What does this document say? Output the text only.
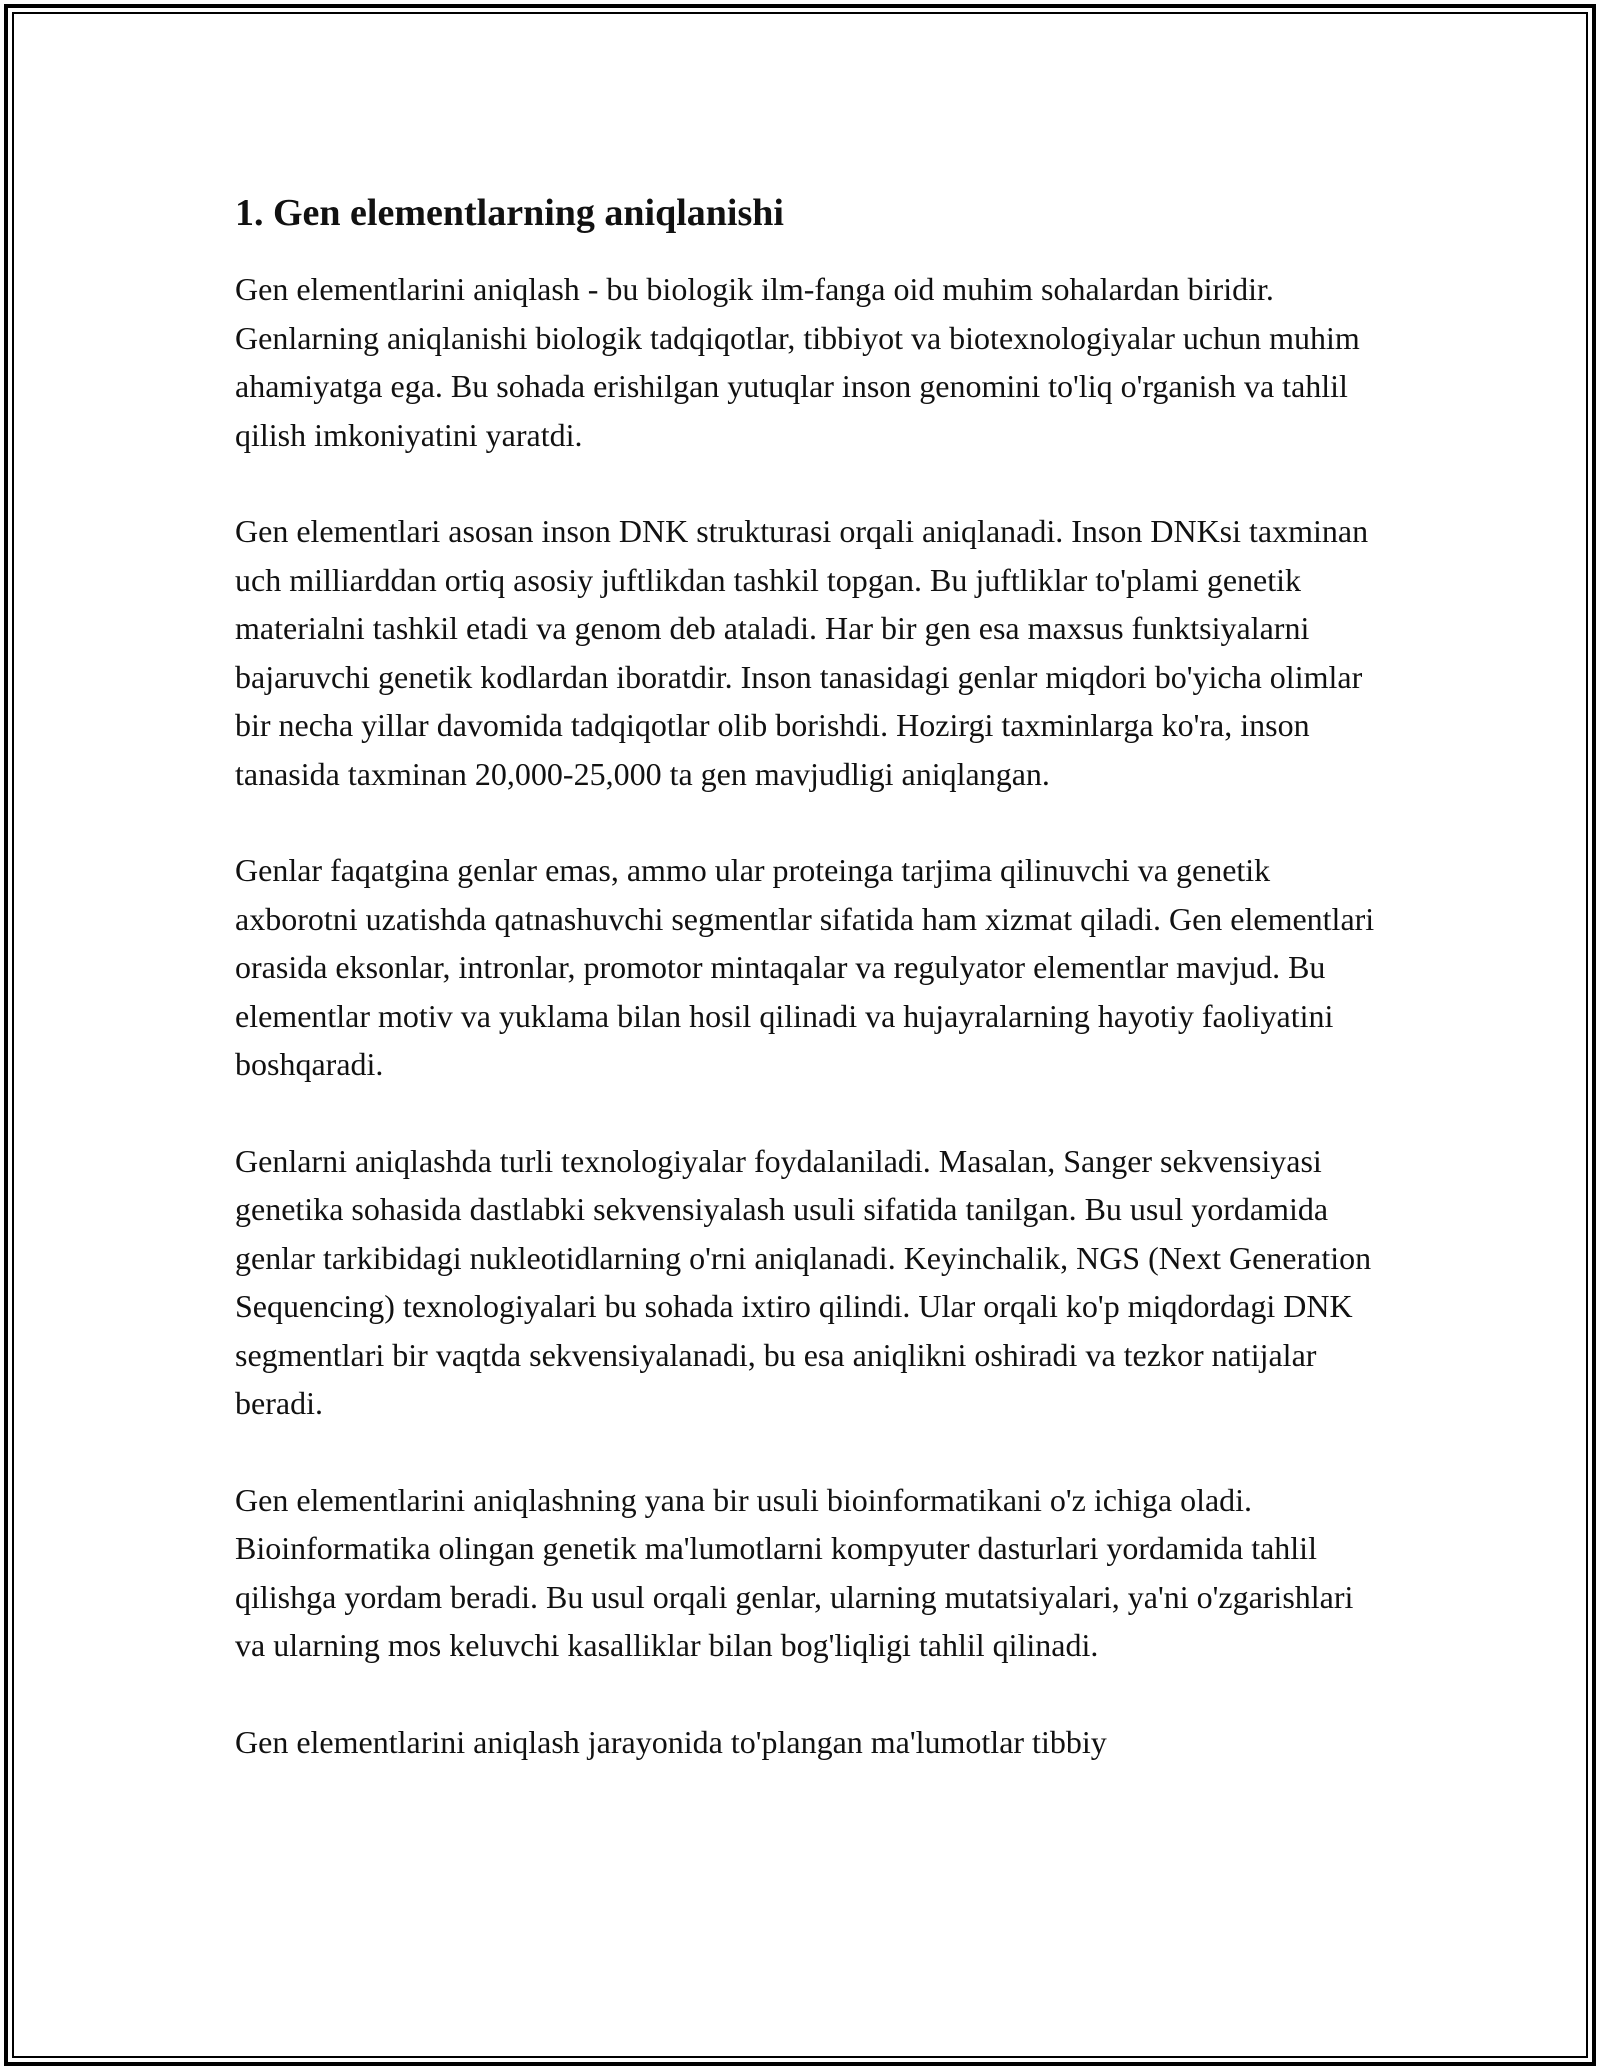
1. Gen elementlarning aniqlanishi

Gen elementlarini aniqlash - bu biologik ilm-fanga oid muhim sohalardan biridir. Genlarning aniqlanishi biologik tadqiqotlar, tibbiyot va biotexnologiyalar uchun muhim ahamiyatga ega. Bu sohada erishilgan yutuqlar inson genomini to'liq o'rganish va tahlil qilish imkoniyatini yaratdi.

Gen elementlari asosan inson DNK strukturasi orqali aniqlanadi. Inson DNKsi taxminan uch milliarddan ortiq asosiy juftlikdan tashkil topgan. Bu juftliklar to'plami genetik materialni tashkil etadi va genom deb ataladi. Har bir gen esa maxsus funktsiyalarni bajaruvchi genetik kodlardan iboratdir. Inson tanasidagi genlar miqdori bo'yicha olimlar bir necha yillar davomida tadqiqotlar olib borishdi. Hozirgi taxminlarga ko'ra, inson tanasida taxminan 20,000-25,000 ta gen mavjudligi aniqlangan.

Genlar faqatgina genlar emas, ammo ular proteinga tarjima qilinuvchi va genetik axborotni uzatishda qatnashuvchi segmentlar sifatida ham xizmat qiladi. Gen elementlari orasida eksonlar, intronlar, promotor mintaqalar va regulyator elementlar mavjud. Bu elementlar motiv va yuklama bilan hosil qilinadi va hujayralarning hayotiy faoliyatini boshqaradi.

Genlarni aniqlashda turli texnologiyalar foydalaniladi. Masalan, Sanger sekvensiyasi genetika sohasida dastlabki sekvensiyalash usuli sifatida tanilgan. Bu usul yordamida genlar tarkibidagi nukleotidlarning o'rni aniqlanadi. Keyinchalik, NGS (Next Generation Sequencing) texnologiyalari bu sohada ixtiro qilindi. Ular orqali ko'p miqdordagi DNK segmentlari bir vaqtda sekvensiyalanadi, bu esa aniqlikni oshiradi va tezkor natijalar beradi.

Gen elementlarini aniqlashning yana bir usuli bioinformatikani o'z ichiga oladi. Bioinformatika olingan genetik ma'lumotlarni kompyuter dasturlari yordamida tahlil qilishga yordam beradi. Bu usul orqali genlar, ularning mutatsiyalari, ya'ni o'zgarishlari va ularning mos keluvchi kasalliklar bilan bog'liqligi tahlil qilinadi.

Gen elementlarini aniqlash jarayonida to'plangan ma'lumotlar tibbiy
